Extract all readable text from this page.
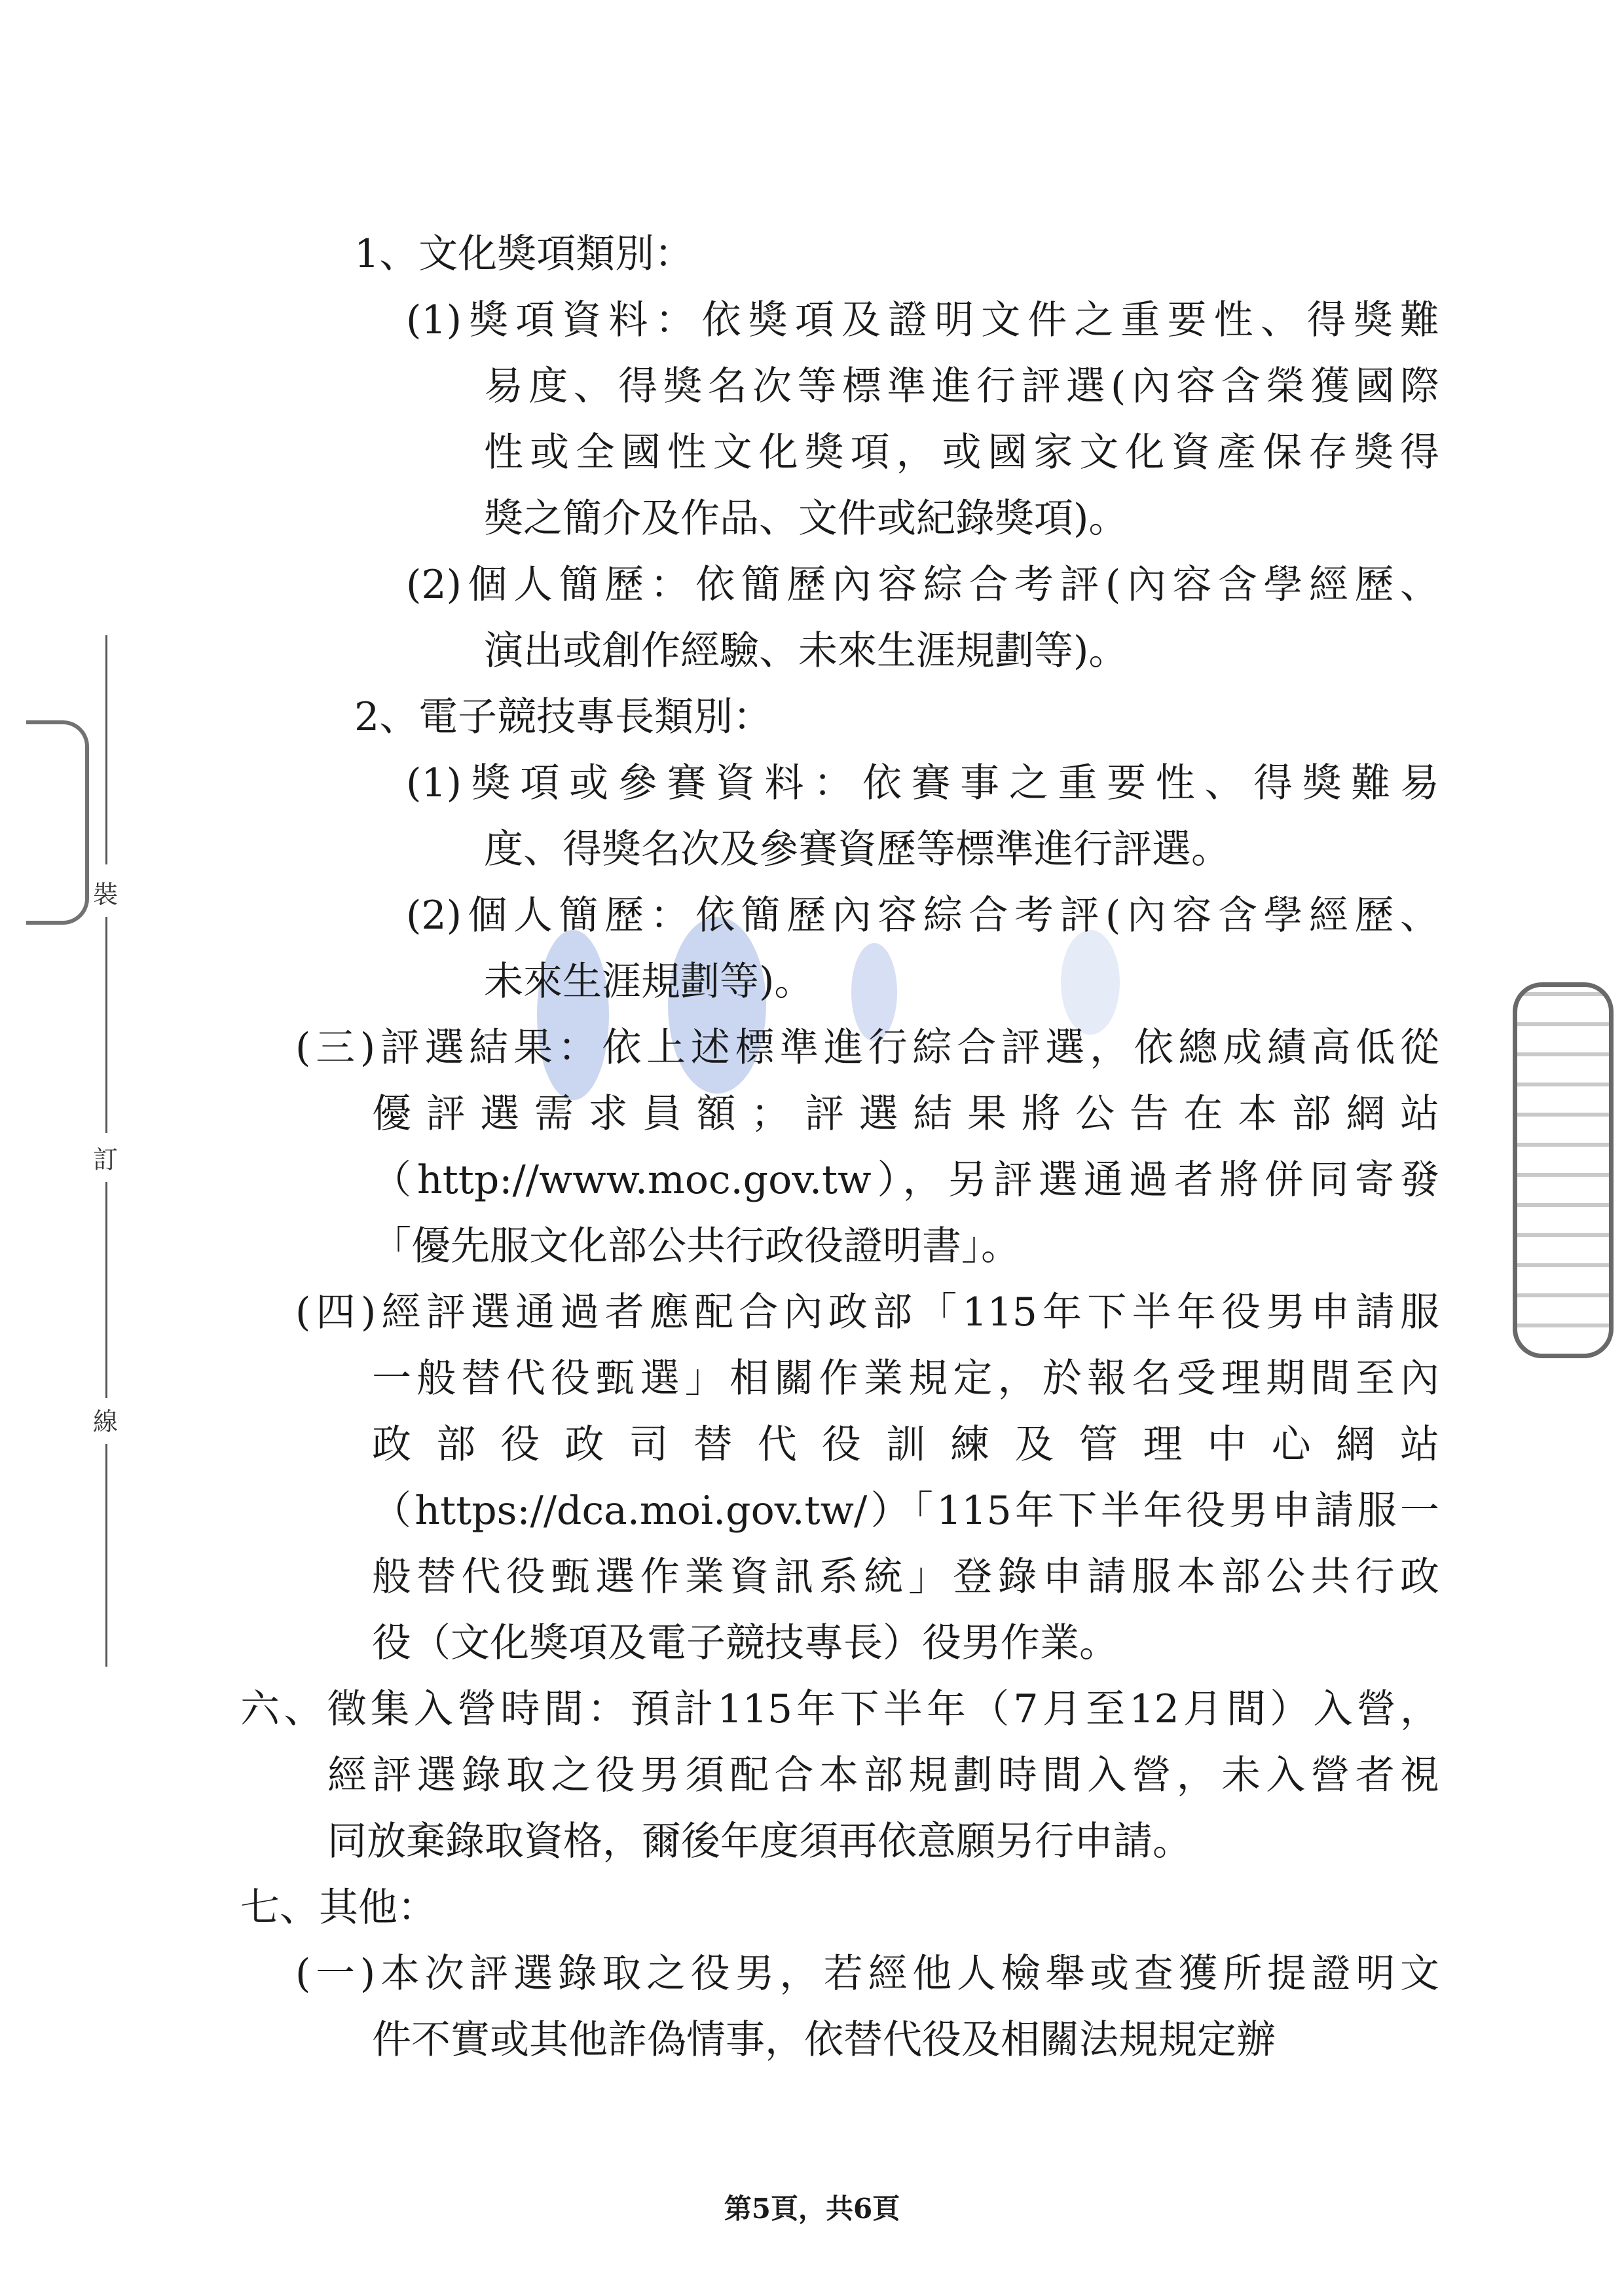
裝
訂
線
1、文化獎項類別：
(1)獎項資料：依獎項及證明文件之重要性、得獎難
易度、得獎名次等標準進行評選(內容含榮獲國際
性或全國性文化獎項，或國家文化資產保存獎得
獎之簡介及作品、文件或紀錄獎項)。
(2)個人簡歷：依簡歷內容綜合考評(內容含學經歷、
演出或創作經驗、未來生涯規劃等)。
2、電子競技專長類別：
(1)獎項或參賽資料：依賽事之重要性、得獎難易
度、得獎名次及參賽資歷等標準進行評選。
(2)個人簡歷：依簡歷內容綜合考評(內容含學經歷、
未來生涯規劃等)。
(三)評選結果：依上述標準進行綜合評選，依總成績高低從
優評選需求員額；評選結果將公告在本部網站
（http://www.moc.gov.tw），另評選通過者將併同寄發
「優先服文化部公共行政役證明書」。
(四)經評選通過者應配合內政部「115年下半年役男申請服
一般替代役甄選」相關作業規定，於報名受理期間至內
政部役政司替代役訓練及管理中心網站
（https://dca.moi.gov.tw/）「115年下半年役男申請服一
般替代役甄選作業資訊系統」登錄申請服本部公共行政
役（文化獎項及電子競技專長）役男作業。
六、徵集入營時間：預計115年下半年（7月至12月間）入營，
經評選錄取之役男須配合本部規劃時間入營，未入營者視
同放棄錄取資格，爾後年度須再依意願另行申請。
七、其他：
(一)本次評選錄取之役男，若經他人檢舉或查獲所提證明文
件不實或其他詐偽情事，依替代役及相關法規規定辦
第5頁，共6頁
